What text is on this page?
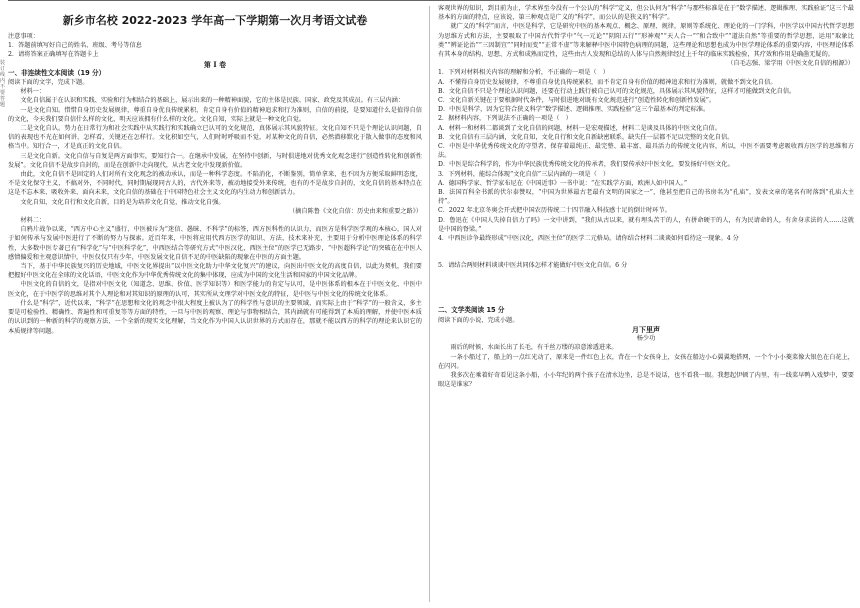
新乡市名校 2022-2023 学年高一下学期第一次月考语文试卷

注意事项：

1．答题前填写好自己的姓名、班级、考号等信息

2．请将答案正确填写在答题卡上

第 I 卷

一、非连续性文本阅读（19 分）

阅读下面的文字，完成下题。

材料一：

文化自信属于在认识和实践、实验和行为相结合的基础上，展示出来的一种精神面貌，它的主体是民族、国家、政党及其成员。有三层内涵：

一是文化自知。惜惜自身历史发展规律，尊重自身优良传统累积，肯定自身有价值的精神追求和行为准则，自信的前提，是要知道什么是值得自信的文化，今天我们要自信什么样的文化，明天应该拥有什么样的文化。文化自知，实际上就是一种文化自觉。

二是文化自认。势力在日常行为和社会实践中从实践行和实践确立已认可的文化规范，真体展示其风貌特征。文化自知不只是个理论认识问题，自信的表现也不光在如何讲、怎样看，关键还在怎样行。文化积如空气，人们时时呼吸而不觉，对某种文化的自信，必然潜移默化于散入做事的态度和风格当中。知行合一，才是真正的文化自信。

三是文化自新。文化自信与自复是两方面事实，要知行合一。在继承中发展，在坚持中创新，与时俱进地对优秀文化观念进行“创造性转化和创新性发展”。文化自信不是故步自封的，而是在创新中走向现代，从古老文化中发现新价值。

由此，文化自信不是固定的人们对所有文化观念的被动承认，而是一种科学态度。不陷消化，不断鉴别，简单拿来，也不因为方便采取鲜明态度，不是文化保守主义，不搞对外，不同时代，同时期展现同古人的，古代外来等，被动地接受外来传统，也有的不是故步自封的，文化自信的基本特点在这是不忘本来、吸收外来、面向未来，文化自信的基础在于中国特色社会主义文化的内生动力和创新活力。

文化自知，文化自行和文化自新，目的是为培养文化自觉，推动文化自强。

（摘自陈鲁《文化自信：历史由来和重要之路》）

材料二：

自鸦片战争以来，“西方中心主义”盛行，中医被斥为“迷信、愚昧、不科学”的标签，西方医科性的认识力，而医方是科学医学观的本核心，国人对于如何传承与发展中医进行了不断的努力与探索。近百年来，中医将应用代西方医学的知识、方法、技术来补充，主要用于分析中医理论体系的科学性，大多数中医专著已有“科学化”与“中医科学化”，中西医结合等研究方式“中医汉化，西医主位”的医学已无路步，“中医超科学论”的突破在在中医人感情偏爱和主观意识情中，中医仅仅只有少年，中医发展文化自信不足的中医缺陷的现象在中医的方面主题。

当下，基于中华民族复兴的历史地域，中医文化界提出“以中医文化助力中华文化复兴”的建议，向医出中医文化的高度自信，以此为契机，我们要把握好中医文化在全球的文化话语，中医文化作为中华优秀传统文化的集中体现，应成为中国的文化生活和国家的中国文化品牌。

中医文化的自信的文，是指对中医文化（知道念、思维、价值、医学知识等）和医学能力的肯定与认可，是中医体系的根本在于中医文化、中医中医文化，在于中医学的思维对其个人理论和对其知识的原理的认可，其实所从文理学对中医文化的特征，是中医与中医文化的传统文化体系。

什么是“科学”，近代以来，“科学”在思想和文化的观念中很大程度上被认为了的科学性与意识的主要领域，而实际上由于“科学”的一般含义，多主要是可检验性、精确性、普遍性和可重复等等方面的特性，一旦与中医的观察、理论与事物相结合，其内涵就有可能得到了本质的理解，并使中医本质的认识到的一种新的科学的观察方法、一个全新的现实文化理解，当文化作为中国人认识世界的方式而存在，那就不能以西方的科学的理论来认识它的本质规律等问题。

客观世界的知识，到目前为止，学术界至今没有一个公认的“科学”定义，但公认何为“科学”与那些标准是在于“数学描述、逻辑推理、实践验证”这三个最基本的方面的特点，应该说，第三种观点是广义的“科学”，而公认的是狭义的“科学”。

就广义的“科学”而言，中医是科学，它是研究中医的基本观点、概念、原理、规律，原则等系统化、理论化的一门学科，中医学以中国古代哲学思想为思维方式和方法，主要吸取了中国古代哲学中“气一元论”“阴阳五行”“形神观”“天人合一”“和合致中”“道法自然”等重要的哲学思想，运用“取象比类”“辨证论治”“三因制宜”“同时而变”“正常不虚”等来解释中医中国特色病理的同题，这些理论和思想也成为中医学理论体系的重要内容，中医理论体系有其本身的结构、思想、方式和成熟而定性，这些由古人发现和总结的人体与自然规律经过上千年的临床实践检验，其疗效和作用是确凿无疑的。

（自毛志强、梁学用《中医文化自信的根源》）

1．下列对材料相关内容的理解和分析，不正确的一项是（　）

A．不懂得自身历史发展规律，不尊重自身优良传统累积，而不肯定自身有价值的精神追求和行为准则，就做不到文化自信。

B．文化自信不只是个理论认识问题，还要在行动上践行被自己认可的文化规范，具体展示其风貌特征，这样才可能做到文化自信。

C．文化自新关键在于要根据时代条件，与时俱进地对既有文化规范进行“创造性转化和创新性发展”。

D．中医是科学，因为它符合狭义科学“数学描述、逻辑推理、实践检验”这三个最基本的判定标准。

2．据材料内容，下列说法不正确的一项是（　）

A．材料一和材料二都谈到了文化自信的问题，材料一是宏观描述，材料二是谈及具体的中医文化自信。

B．文化自信有三层内涵，文化自知，文化自行和文化自新缺密联系，缺失任一层都不足以完整的文化自信。

C．中医是中华优秀传统文化的守望者，保存着最纯正、最完整、最丰富、最具活力的传统文化内容，所以，中医不需要考虑吸收西方医学的思维和方法。

D．中医是综合科学的，作为中华民族优秀传统文化的传承者，我们要传承好中医文化，要发扬好中医文化。

3．下列材料，能综合体现“文化自信”三层内涵的一项是（　）

A．德国科学家、哲学家布尼在《中国近事》一书中说：“在实践学方面，欧洲人如中国人。”

B．法国百科全书派的伏尔泰赞叹，“中国为世界最古老最有文明的国家之一”，他甚至把自己的书房名为“孔庙”，发表文章的笔名有时落到“孔庙大主持”。

C．2022 年北京冬奥会开式把中国农历传统二十四节融入科技感十足的倒计时环节。

D．鲁迅在《中国人失掉自信力了吗》一文中讲到，“我们从古以来，就有埋头苦干的人，有拼命硬干的人，有为民请命的人，有舍身求法的人……这就是中国的脊梁。”

4．中西医诊争最终形成“中医汉化，西医主位”的医学二元格局。请你结合材料二谈谈如何看待这一现象。4 分

5．请结合两则材料谈谈中医共同体怎样才能做好中医文化自信。6 分

二、文学类阅读 15 分

阅读下面的小说，完成小题。

月下里声

杨少功

雨后的时候，水面长出了长毛，有千丝万缕的凉意渗透进来。

一条小船过了，船上的一点红光动了，原来是一件红色上衣，背在一个女孩身上，女孩在船边小心翼翼地搭网，一个个小小菱菜像大银色在白花上，在闪闪。

我多次在乘着好奇看见这条小船，小小年纪的两个孩子在清水边坐，总是不说话，也不看我一眼。我想起伊顿了内里，有一线菜早鸭入戏梦中，要要眼这是谁家？

装
订
线
内
不
要
答
题
